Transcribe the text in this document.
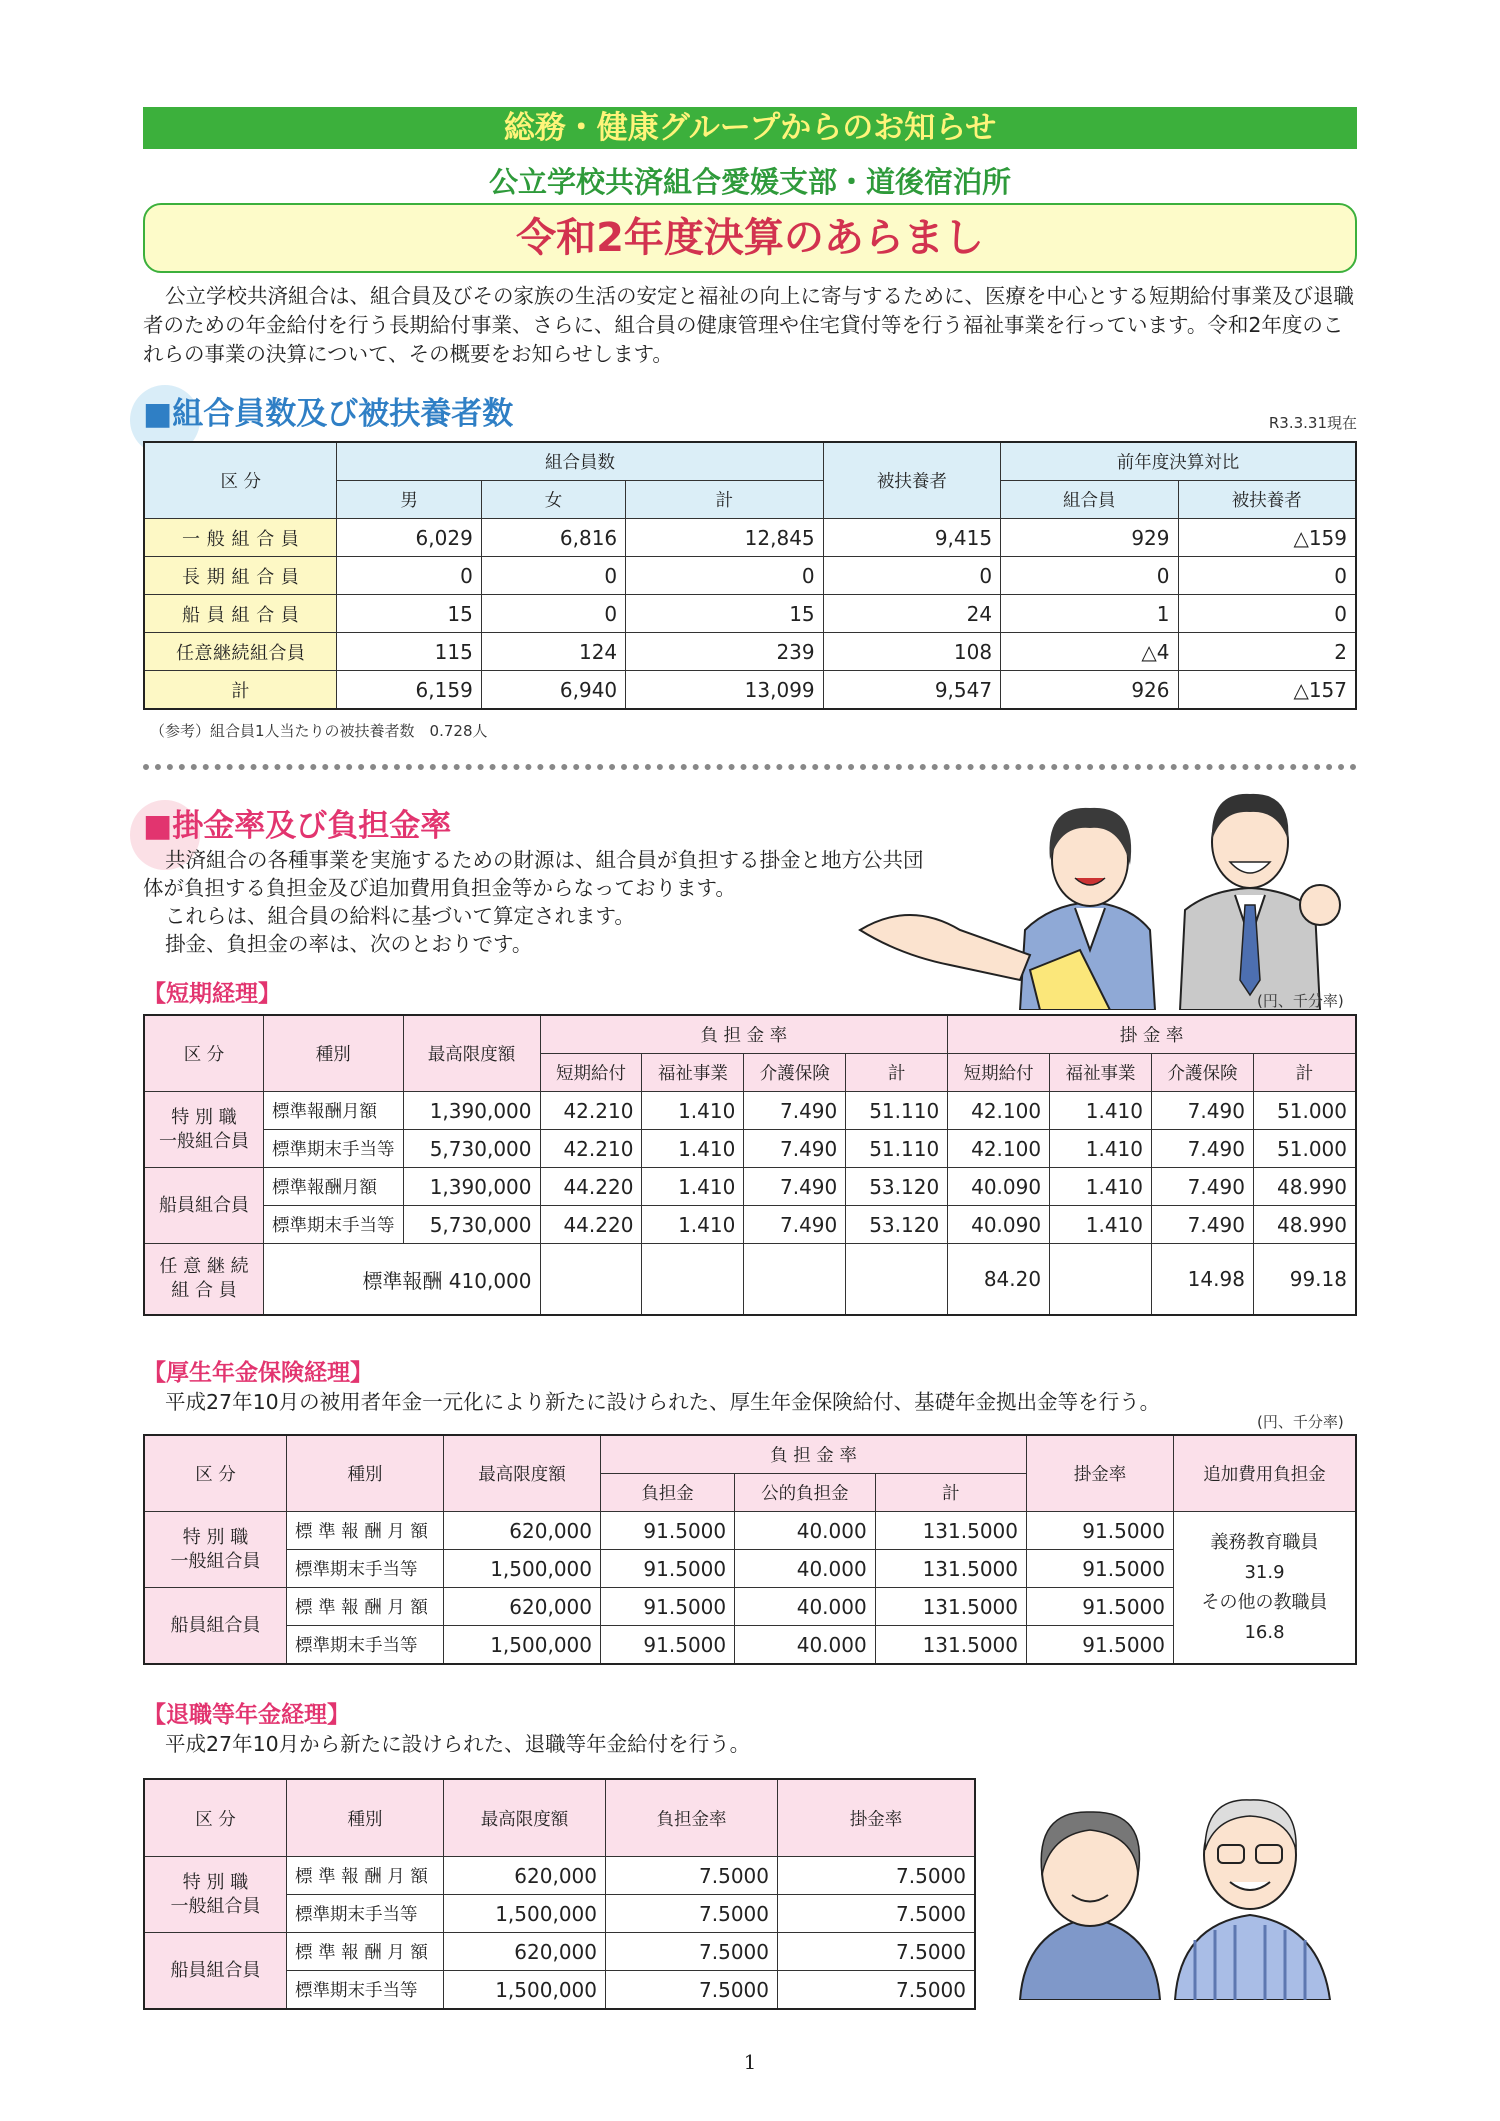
総務・健康グループからのお知らせ
公立学校共済組合愛媛支部・道後宿泊所
令和2年度決算のあらまし
公立学校共済組合は、組合員及びその家族の生活の安定と福祉の向上に寄与するために、医療を中心とする短期給付事業及び退職者のための年金給付を行う長期給付事業、さらに、組合員の健康管理や住宅貸付等を行う福祉事業を行っています。令和2年度のこれらの事業の決算について、その概要をお知らせします。
■組合員数及び被扶養者数	R3.3.31現在
区 分	組合員数			被扶養者	前年度決算対比	
	男	女	計		組合員	被扶養者
一 般 組 合 員	6,029	6,816	12,845	9,415	929	△159
長 期 組 合 員	0	0	0	0	0	0
船 員 組 合 員	15	0	15	24	1	0
任意継続組合員	115	124	239	108	△4	2
計	6,159	6,940	13,099	9,547	926	△157
（参考）組合員1人当たりの被扶養者数　0.728人
■掛金率及び負担金率
共済組合の各種事業を実施するための財源は、組合員が負担する掛金と地方公共団体が負担する負担金及び追加費用負担金等からなっております。
これらは、組合員の給料に基づいて算定されます。
掛金、負担金の率は、次のとおりです。
【短期経理】	(円、千分率)
区 分	種別	最高限度額	負 担 金 率				掛 金 率			
			短期給付	福祉事業	介護保険	計	短期給付	福祉事業	介護保険	計
特 別 職
一般組合員	標準報酬月額	1,390,000	42.210	1.410	7.490	51.110	42.100	1.410	7.490	51.000
	標準期末手当等	5,730,000	42.210	1.410	7.490	51.110	42.100	1.410	7.490	51.000
船員組合員	標準報酬月額	1,390,000	44.220	1.410	7.490	53.120	40.090	1.410	7.490	48.990
	標準期末手当等	5,730,000	44.220	1.410	7.490	53.120	40.090	1.410	7.490	48.990
任 意 継 続
組 合 員	標準報酬 410,000						84.20		14.98	99.18
【厚生年金保険経理】
平成27年10月の被用者年金一元化により新たに設けられた、厚生年金保険給付、基礎年金拠出金等を行う。
(円、千分率)
区 分	種別	最高限度額	負 担 金 率			掛金率	追加費用負担金
			負担金	公的負担金	計		
特 別 職
一般組合員	標 準 報 酬 月 額	620,000	91.5000	40.000	131.5000	91.5000	義務教育職員
31.9
その他の教職員
16.8
	標準期末手当等	1,500,000	91.5000	40.000	131.5000	91.5000	
船員組合員	標 準 報 酬 月 額	620,000	91.5000	40.000	131.5000	91.5000	
	標準期末手当等	1,500,000	91.5000	40.000	131.5000	91.5000	
【退職等年金経理】
平成27年10月から新たに設けられた、退職等年金給付を行う。
区 分	種別	最高限度額	負担金率	掛金率
特 別 職
一般組合員	標 準 報 酬 月 額	620,000	7.5000	7.5000
	標準期末手当等	1,500,000	7.5000	7.5000
船員組合員	標 準 報 酬 月 額	620,000	7.5000	7.5000
	標準期末手当等	1,500,000	7.5000	7.5000
1
